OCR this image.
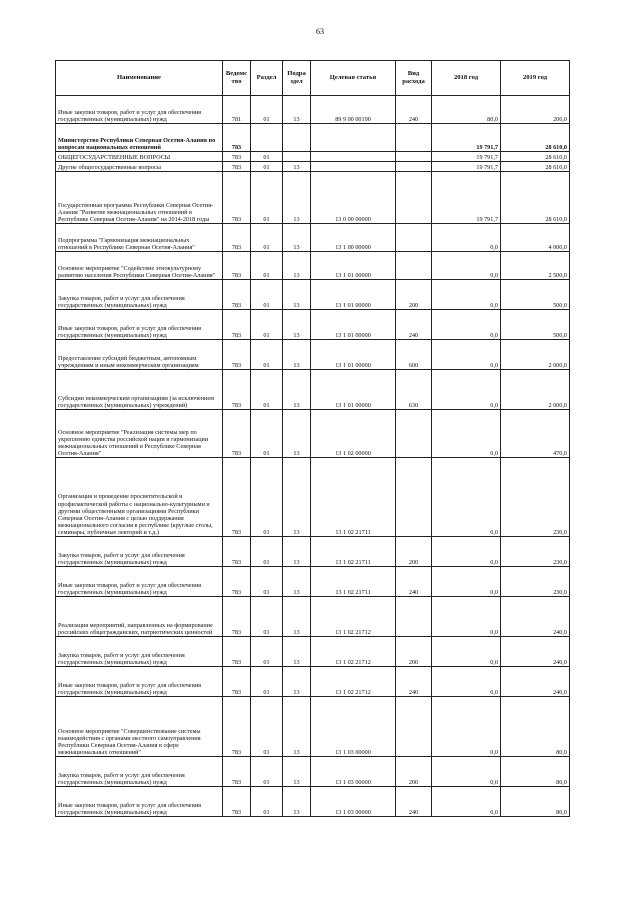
63
Наименование	Ведомс тво	Раздел	Подра здел	Целевая статья	Вид расхода	2018 год	2019 год
Иные закупки товаров, работ и услуг для обеспечения государственных (муниципальных) нужд	781	01	13	89 9 00 00190	240	80,0	206,0
Министерство Республики Северная Осетия-Алания по вопросам национальных отношений	783					19 791,7	28 610,0
ОБЩЕГОСУДАРСТВЕННЫЕ ВОПРОСЫ	783	01				19 791,7	28 610,0
Другие общегосударственные вопросы	783	01	13			19 791,7	28 610,0
Государственная программа Республики Северная Осетия-Алания "Развитие межнациональных отношений в Республике Северная Осетия-Алания" на 2014-2018 годы	783	01	13	13 0 00 00000		19 791,7	28 610,0
Подпрограмма "Гармонизация межнациональных отношений в Республике Северная Осетия-Алания"	783	01	13	13 1 00 00000		0,0	4 000,0
Основное мероприятие "Содействие этнокультурному развитию населения Республики Северная Осетия-Алания"	783	01	13	13 1 01 00000		0,0	2 500,0
Закупка товаров, работ и услуг для обеспечения государственных (муниципальных) нужд	783	01	13	13 1 01 00000	200	0,0	500,0
Иные закупки товаров, работ и услуг для обеспечения государственных (муниципальных) нужд	783	01	13	13 1 01 00000	240	0,0	500,0
Предоставление субсидий бюджетным, автономным учреждениям и иным некоммерческим организациям	783	01	13	13 1 01 00000	600	0,0	2 000,0
Субсидии некоммерческим организациям (за исключением государственных (муниципальных) учреждений)	783	01	13	13 1 01 00000	630	0,0	2 000,0
Основное мероприятие "Реализация системы мер по укреплению единства российской нации и гармонизации межнациональных отношений в Республике Северная Осетия-Алания"	783	01	13	13 1 02 00000		0,0	470,0
Организация и проведение просветительской и профилактической работы с национально-культурными и другими общественными организациями Республики Северная Осетия-Алания с целью поддержания межнационального согласия в республике (круглые столы, семинары, публичные лекторий и т.д.)	783	01	13	13 1 02 21711		0,0	230,0
Закупка товаров, работ и услуг для обеспечения государственных (муниципальных) нужд	783	01	13	13 1 02 21711	200	0,0	230,0
Иные закупки товаров, работ и услуг для обеспечения государственных (муниципальных) нужд	783	01	13	13 1 02 21711	240	0,0	230,0
Реализация мероприятий, направленных на формирование российских общегражданских, патриотических ценностей	783	01	13	13 1 02 21712		0,0	240,0
Закупка товаров, работ и услуг для обеспечения государственных (муниципальных) нужд	783	01	13	13 1 02 21712	200	0,0	240,0
Иные закупки товаров, работ и услуг для обеспечения государственных (муниципальных) нужд	783	01	13	13 1 02 21712	240	0,0	240,0
Основное мероприятие "Совершенствование системы взаимодействия с органами местного самоуправления Республики Северная Осетия-Алания в сфере межнациональных отношений"	783	01	13	13 1 03 00000		0,0	80,0
Закупка товаров, работ и услуг для обеспечения государственных (муниципальных) нужд	783	01	13	13 1 03 00000	200	0,0	80,0
Иные закупки товаров, работ и услуг для обеспечения государственных (муниципальных) нужд	783	01	13	13 1 03 00000	240	0,0	80,0
